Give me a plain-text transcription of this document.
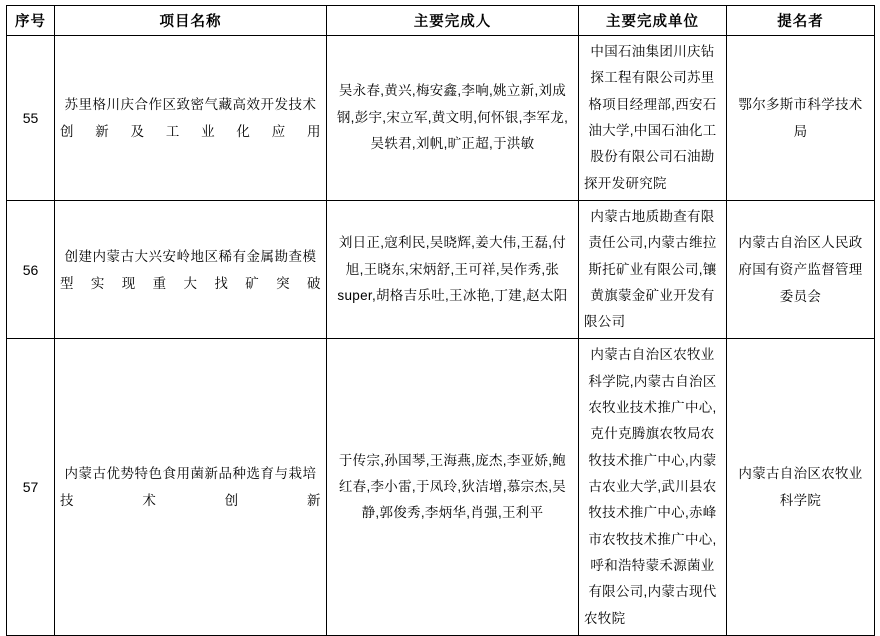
序号	项目名称	主要完成人	主要完成单位	提名者
55	苏里格川庆合作区致密气藏高效开发技术创新及工业化应用	吴永春,黄兴,梅安鑫,李响,姚立新,刘成钢,彭宇,宋立军,黄文明,何怀银,李军龙,吴轶君,刘帆,旷正超,于洪敏	中国石油集团川庆钻探工程有限公司苏里格项目经理部,西安石油大学,中国石油化工股份有限公司石油勘探开发研究院	鄂尔多斯市科学技术局
56	创建内蒙古大兴安岭地区稀有金属勘查模型实现重大找矿突破	刘日正,寇利民,吴晓辉,姜大伟,王磊,付旭,王晓东,宋炳舒,王可祥,吴作秀,张super,胡格吉乐吐,王冰艳,丁建,赵太阳	内蒙古地质勘查有限责任公司,内蒙古维拉斯托矿业有限公司,镶黄旗蒙金矿业开发有限公司	内蒙古自治区人民政府国有资产监督管理委员会
57	内蒙古优势特色食用菌新品种选育与栽培技术创新	于传宗,孙国琴,王海燕,庞杰,李亚娇,鲍红春,李小雷,于凤玲,狄洁增,慕宗杰,吴静,郭俊秀,李炳华,肖强,王利平	内蒙古自治区农牧业科学院,内蒙古自治区农牧业技术推广中心,克什克腾旗农牧局农牧技术推广中心,内蒙古农业大学,武川县农牧技术推广中心,赤峰市农牧技术推广中心,呼和浩特蒙禾源菌业有限公司,内蒙古现代农牧院	内蒙古自治区农牧业科学院
